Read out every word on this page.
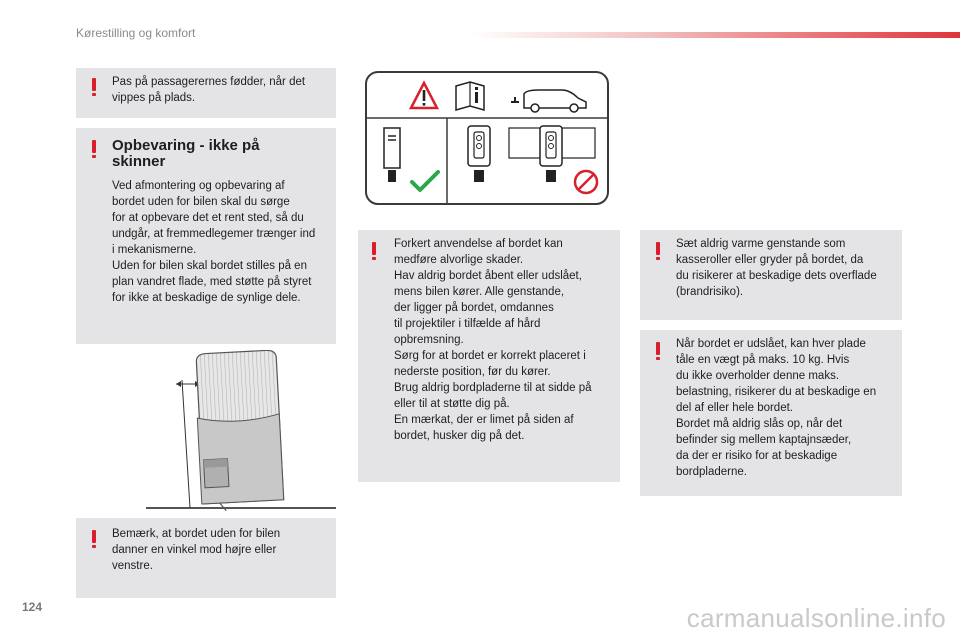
Kørestilling og komfort

Pas på passagerernes fødder, når det
vippes på plads.

Opbevaring - ikke på
skinner

Ved afmontering og opbevaring af
bordet uden for bilen skal du sørge
for at opbevare det et rent sted, så du
undgår, at fremmedlegemer trænger ind
i mekanismerne.
Uden for bilen skal bordet stilles på en
plan vandret flade, med støtte på styret
for ikke at beskadige de synlige dele.

Bemærk, at bordet uden for bilen
danner en vinkel mod højre eller
venstre.

Forkert anvendelse af bordet kan
medføre alvorlige skader.
Hav aldrig bordet åbent eller udslået,
mens bilen kører. Alle genstande,
der ligger på bordet, omdannes
til projektiler i tilfælde af hård
opbremsning.
Sørg for at bordet er korrekt placeret i
nederste position, før du kører.
Brug aldrig bordpladerne til at sidde på
eller til at støtte dig på.
En mærkat, der er limet på siden af
bordet, husker dig på det.

Sæt aldrig varme genstande som
kasseroller eller gryder på bordet, da
du risikerer at beskadige dets overflade
(brandrisiko).

Når bordet er udslået, kan hver plade
tåle en vægt på maks. 10 kg. Hvis
du ikke overholder denne maks.
belastning, risikerer du at beskadige en
del af eller hele bordet.
Bordet må aldrig slås op, når det
befinder sig mellem kaptajnsæder,
da der er risiko for at beskadige
bordpladerne.

124	carmanualsonline.info
